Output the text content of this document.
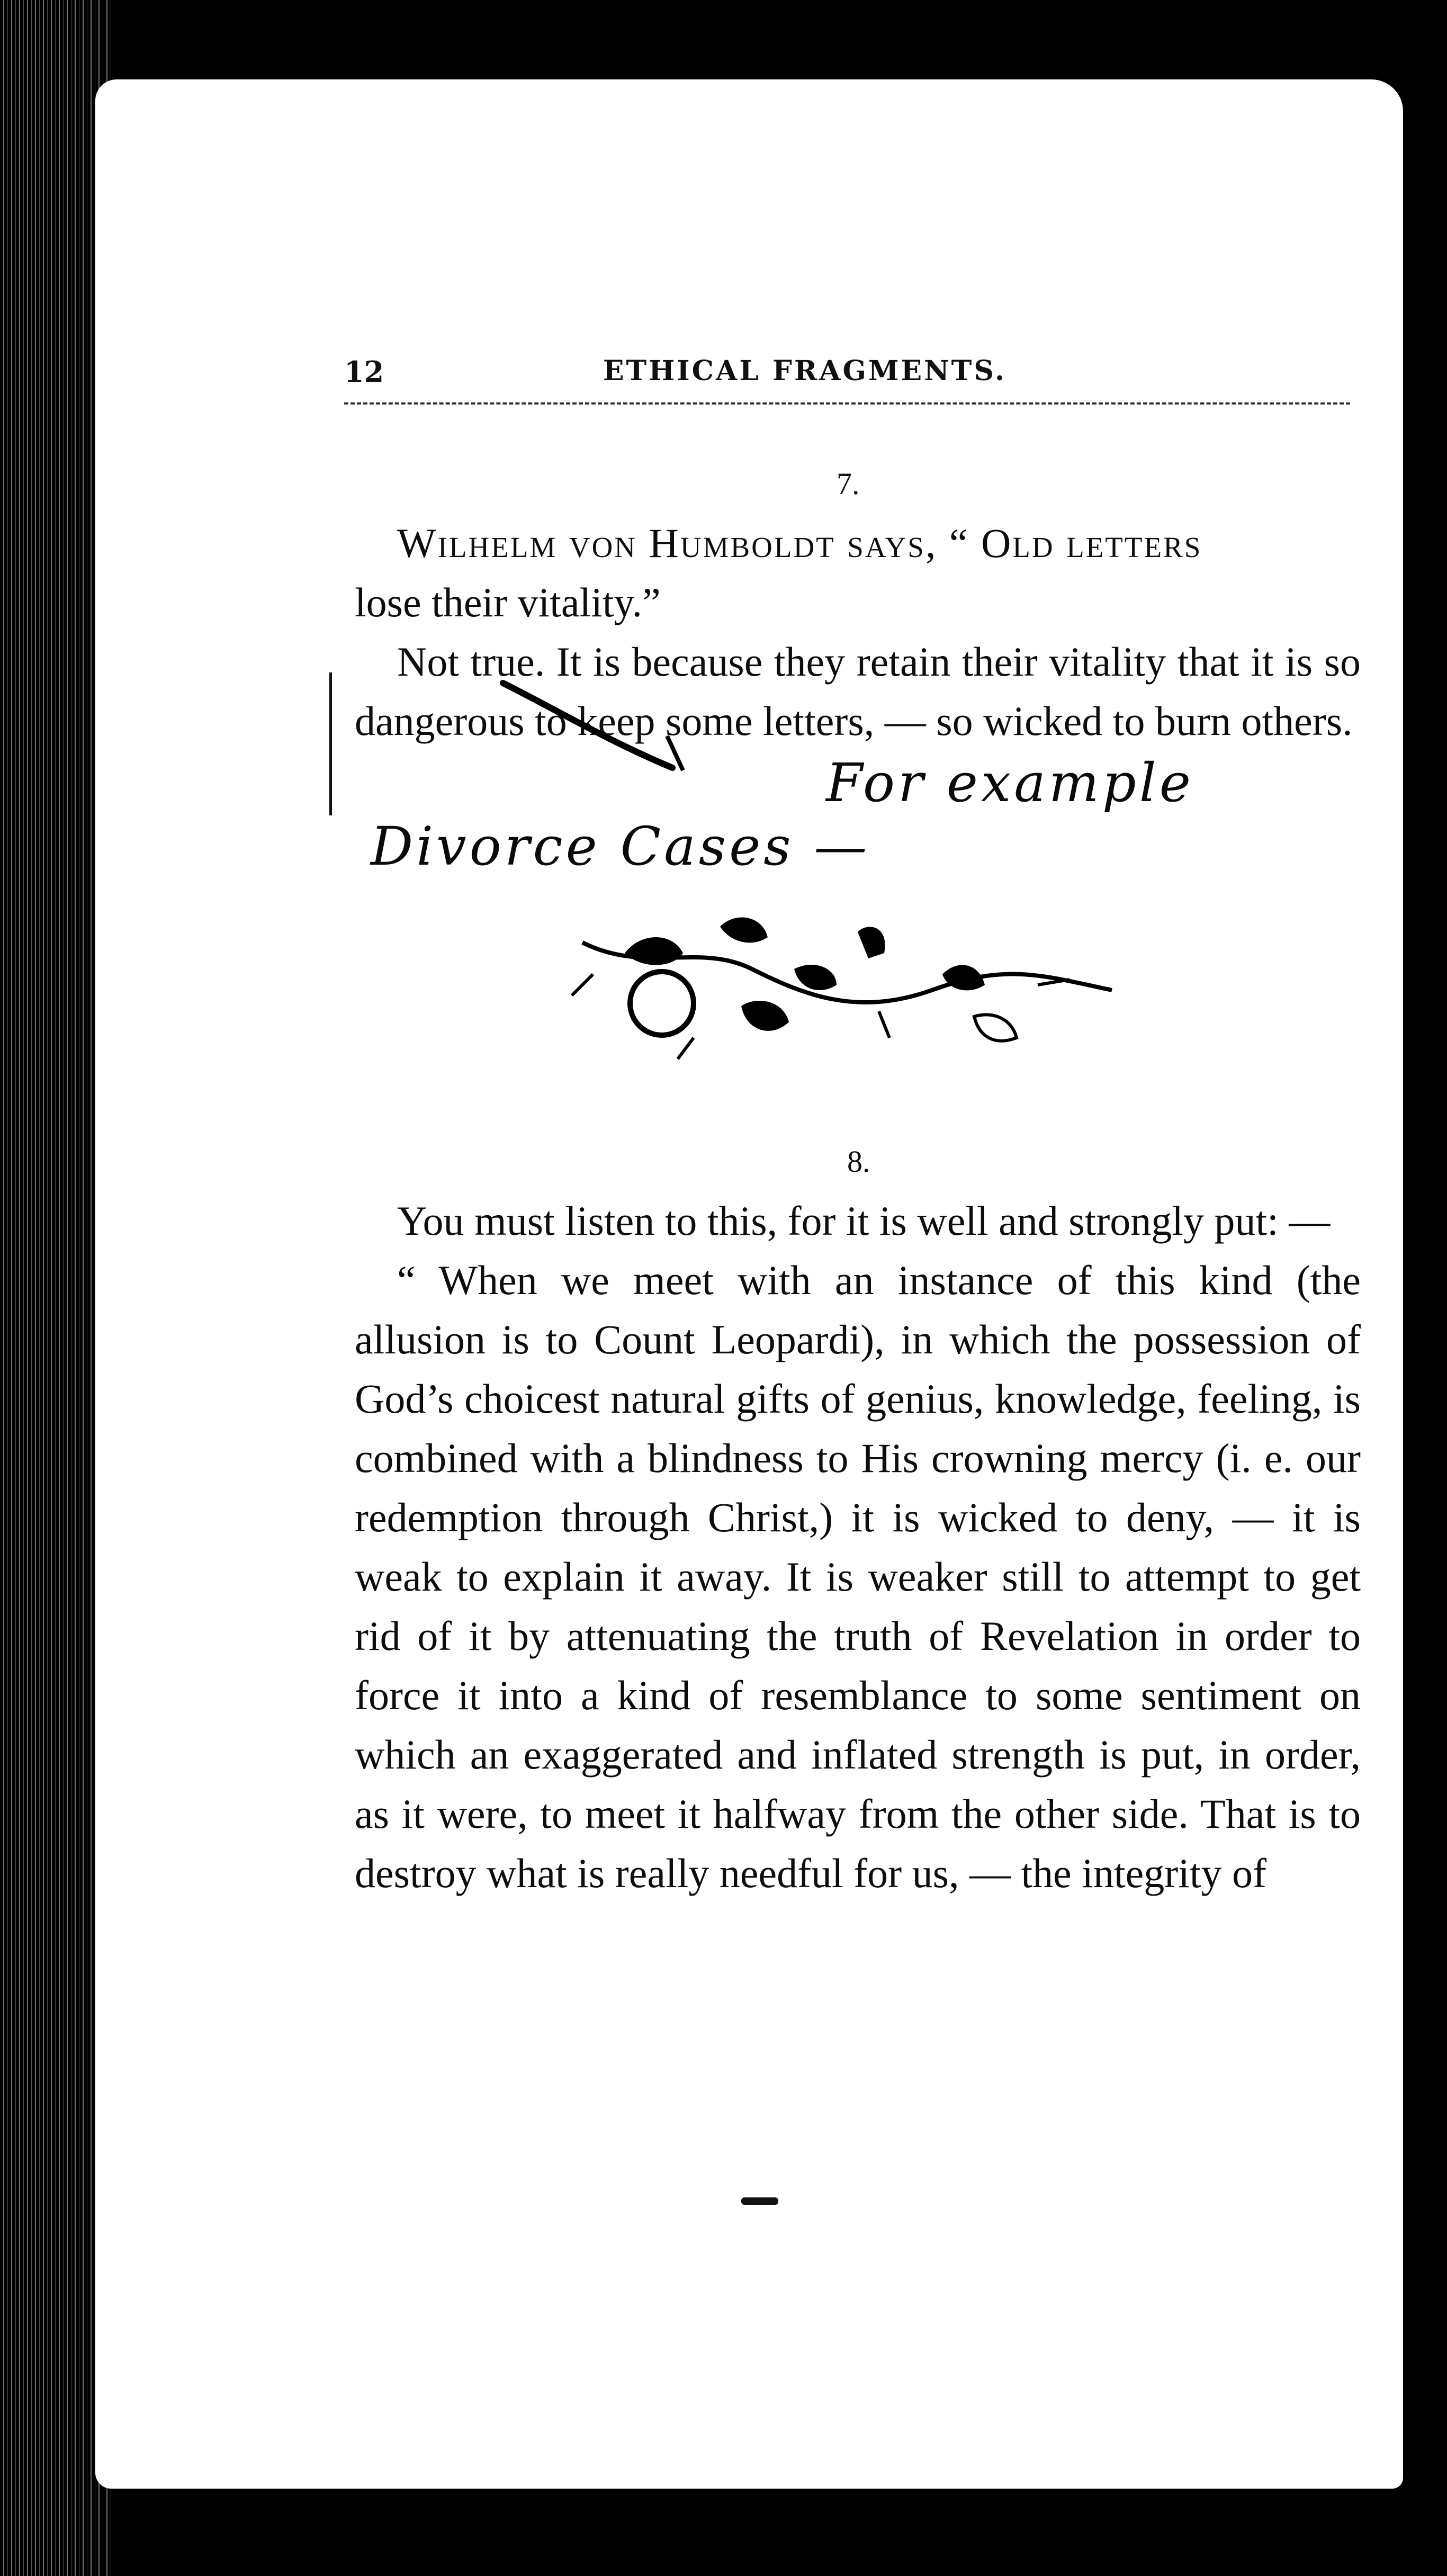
12	ETHICAL FRAGMENTS.
7.

Wilhelm von Humboldt says, “ Old letters

lose their vitality.”

Not true. It is because they retain their vitality that it is so dangerous to keep some letters, — so wicked to burn others.

For example
Divorce Cases —
8.

You must listen to this, for it is well and strongly put: —

“ When we meet with an instance of this kind (the allusion is to Count Leopardi), in which the possession of God’s choicest natural gifts of genius, knowledge, feeling, is combined with a blindness to His crowning mercy (i. e. our redemption through Christ,) it is wicked to deny, — it is weak to explain it away. It is weaker still to attempt to get rid of it by attenuating the truth of Revelation in order to force it into a kind of resemblance to some sentiment on which an exaggerated and inflated strength is put, in order, as it were, to meet it halfway from the other side. That is to destroy what is really needful for us, — the integrity of
